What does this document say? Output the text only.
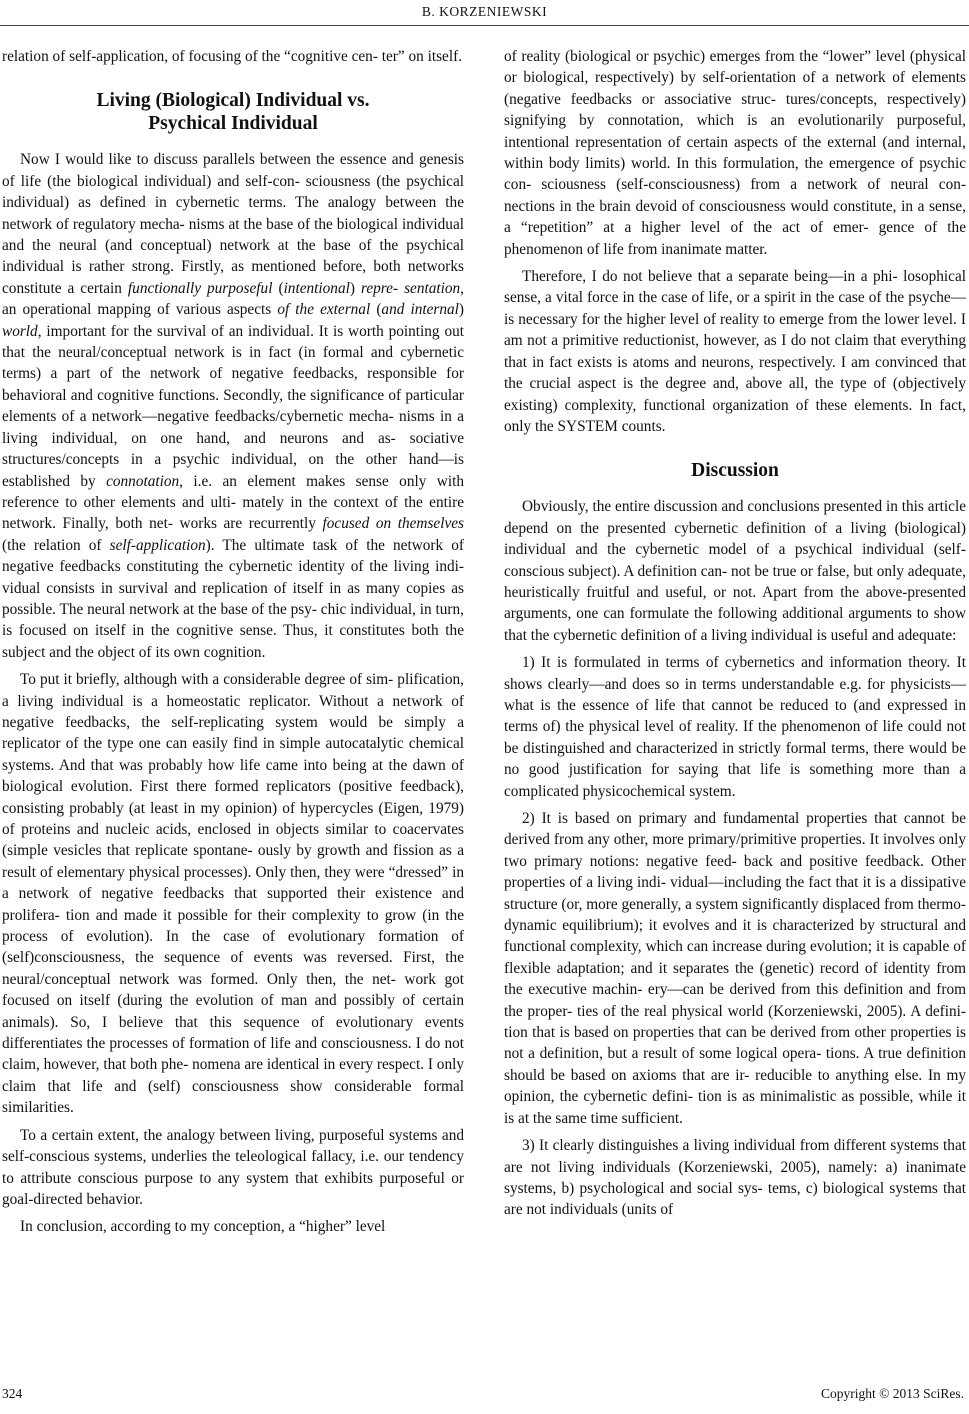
B. KORZENIEWSKI

relation of self-application, of focusing of the “cognitive cen- ter” on itself.

Living (Biological) Individual vs.
Psychical Individual

Now I would like to discuss parallels between the essence and genesis of life (the biological individual) and self-con- sciousness (the psychical individual) as defined in cybernetic terms. The analogy between the network of regulatory mecha- nisms at the base of the biological individual and the neural (and conceptual) network at the base of the psychical individual is rather strong. Firstly, as mentioned before, both networks constitute a certain functionally purposeful (intentional) repre- sentation, an operational mapping of various aspects of the external (and internal) world, important for the survival of an individual. It is worth pointing out that the neural/conceptual network is in fact (in formal and cybernetic terms) a part of the network of negative feedbacks, responsible for behavioral and cognitive functions. Secondly, the significance of particular elements of a network—negative feedbacks/cybernetic mecha- nisms in a living individual, on one hand, and neurons and as- sociative structures/concepts in a psychic individual, on the other hand—is established by connotation, i.e. an element makes sense only with reference to other elements and ulti- mately in the context of the entire network. Finally, both net- works are recurrently focused on themselves (the relation of self-application). The ultimate task of the network of negative feedbacks constituting the cybernetic identity of the living indi- vidual consists in survival and replication of itself in as many copies as possible. The neural network at the base of the psy- chic individual, in turn, is focused on itself in the cognitive sense. Thus, it constitutes both the subject and the object of its own cognition.

To put it briefly, although with a considerable degree of sim- plification, a living individual is a homeostatic replicator. Without a network of negative feedbacks, the self-replicating system would be simply a replicator of the type one can easily find in simple autocatalytic chemical systems. And that was probably how life came into being at the dawn of biological evolution. First there formed replicators (positive feedback), consisting probably (at least in my opinion) of hypercycles (Eigen, 1979) of proteins and nucleic acids, enclosed in objects similar to coacervates (simple vesicles that replicate spontane- ously by growth and fission as a result of elementary physical processes). Only then, they were “dressed” in a network of negative feedbacks that supported their existence and prolifera- tion and made it possible for their complexity to grow (in the process of evolution). In the case of evolutionary formation of (self)consciousness, the sequence of events was reversed. First, the neural/conceptual network was formed. Only then, the net- work got focused on itself (during the evolution of man and possibly of certain animals). So, I believe that this sequence of evolutionary events differentiates the processes of formation of life and consciousness. I do not claim, however, that both phe- nomena are identical in every respect. I only claim that life and (self) consciousness show considerable formal similarities.

To a certain extent, the analogy between living, purposeful systems and self-conscious systems, underlies the teleological fallacy, i.e. our tendency to attribute conscious purpose to any system that exhibits purposeful or goal-directed behavior.

In conclusion, according to my conception, a “higher” level

of reality (biological or psychic) emerges from the “lower” level (physical or biological, respectively) by self-orientation of a network of elements (negative feedbacks or associative struc- tures/concepts, respectively) signifying by connotation, which is an evolutionarily purposeful, intentional representation of certain aspects of the external (and internal, within body limits) world. In this formulation, the emergence of psychic con- sciousness (self-consciousness) from a network of neural con- nections in the brain devoid of consciousness would constitute, in a sense, a “repetition” at a higher level of the act of emer- gence of the phenomenon of life from inanimate matter.

Therefore, I do not believe that a separate being—in a phi- losophical sense, a vital force in the case of life, or a spirit in the case of the psyche—is necessary for the higher level of reality to emerge from the lower level. I am not a primitive reductionist, however, as I do not claim that everything that in fact exists is atoms and neurons, respectively. I am convinced that the crucial aspect is the degree and, above all, the type of (objectively existing) complexity, functional organization of these elements. In fact, only the SYSTEM counts.

Discussion

Obviously, the entire discussion and conclusions presented in this article depend on the presented cybernetic definition of a living (biological) individual and the cybernetic model of a psychical individual (self-conscious subject). A definition can- not be true or false, but only adequate, heuristically fruitful and useful, or not. Apart from the above-presented arguments, one can formulate the following additional arguments to show that the cybernetic definition of a living individual is useful and adequate:

1) It is formulated in terms of cybernetics and information theory. It shows clearly—and does so in terms understandable e.g. for physicists—what is the essence of life that cannot be reduced to (and expressed in terms of) the physical level of reality. If the phenomenon of life could not be distinguished and characterized in strictly formal terms, there would be no good justification for saying that life is something more than a complicated physicochemical system.

2) It is based on primary and fundamental properties that cannot be derived from any other, more primary/primitive properties. It involves only two primary notions: negative feed- back and positive feedback. Other properties of a living indi- vidual—including the fact that it is a dissipative structure (or, more generally, a system significantly displaced from thermo- dynamic equilibrium); it evolves and it is characterized by structural and functional complexity, which can increase during evolution; it is capable of flexible adaptation; and it separates the (genetic) record of identity from the executive machin- ery—can be derived from this definition and from the proper- ties of the real physical world (Korzeniewski, 2005). A defini- tion that is based on properties that can be derived from other properties is not a definition, but a result of some logical opera- tions. A true definition should be based on axioms that are ir- reducible to anything else. In my opinion, the cybernetic defini- tion is as minimalistic as possible, while it is at the same time sufficient.

3) It clearly distinguishes a living individual from different systems that are not living individuals (Korzeniewski, 2005), namely: a) inanimate systems, b) psychological and social sys- tems, c) biological systems that are not individuals (units of

324	Copyright © 2013 SciRes.
